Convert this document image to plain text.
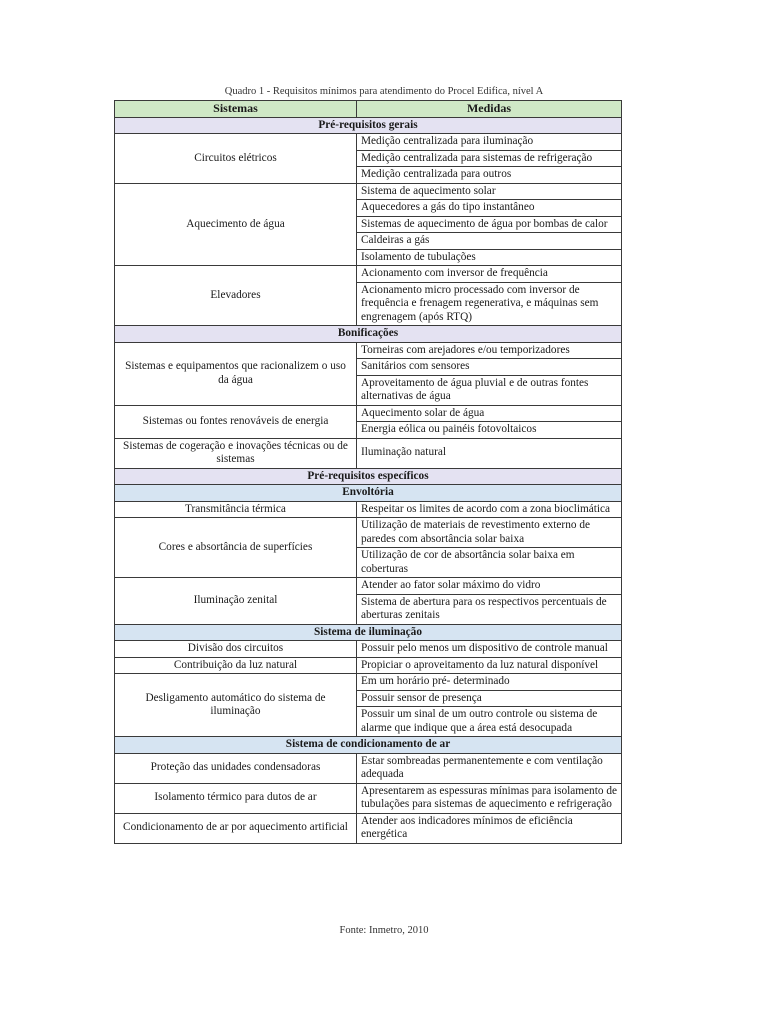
Quadro 1 - Requisitos mínimos para atendimento do Procel Edifica, nível A
Sistemas	Medidas
Pré-requisitos gerais	
Circuitos elétricos	Medição centralizada para iluminação
	Medição centralizada para sistemas de refrigeração
	Medição centralizada para outros
Aquecimento de água	Sistema de aquecimento solar
	Aquecedores a gás do tipo instantâneo
	Sistemas de aquecimento de água por bombas de calor
	Caldeiras a gás
	Isolamento de tubulações
Elevadores	Acionamento com inversor de frequência
	Acionamento micro processado com inversor de frequência e frenagem regenerativa, e máquinas sem engrenagem (após RTQ)
Bonificações	
Sistemas e equipamentos que racionalizem o uso da água	Torneiras com arejadores e/ou temporizadores
	Sanitários com sensores
	Aproveitamento de água pluvial e de outras fontes alternativas de água
Sistemas ou fontes renováveis de energia	Aquecimento solar de água
	Energia eólica ou painéis fotovoltaicos
Sistemas de cogeração e inovações técnicas ou de sistemas	Iluminação natural
Pré-requisitos específicos	
Envoltória	
Transmitância térmica	Respeitar os limites de acordo com a zona bioclimática
Cores e absortância de superfícies	Utilização de materiais de revestimento externo de paredes com absortância solar baixa
	Utilização de cor de absortância solar baixa em coberturas
Iluminação zenital	Atender ao fator solar máximo do vidro
	Sistema de abertura para os respectivos percentuais de aberturas zenitais
Sistema de iluminação	
Divisão dos circuitos	Possuir pelo menos um dispositivo de controle manual
Contribuição da luz natural	Propiciar o aproveitamento da luz natural disponível
Desligamento automático do sistema de iluminação	Em um horário pré- determinado
	Possuir sensor de presença
	Possuir um sinal de um outro controle ou sistema de alarme que indique que a área está desocupada
Sistema de condicionamento de ar	
Proteção das unidades condensadoras	Estar sombreadas permanentemente e com ventilação adequada
Isolamento térmico para dutos de ar	Apresentarem as espessuras mínimas para isolamento de tubulações para sistemas de aquecimento e refrigeração
Condicionamento de ar por aquecimento artificial	Atender aos indicadores mínimos de eficiência energética
Fonte: Inmetro, 2010
